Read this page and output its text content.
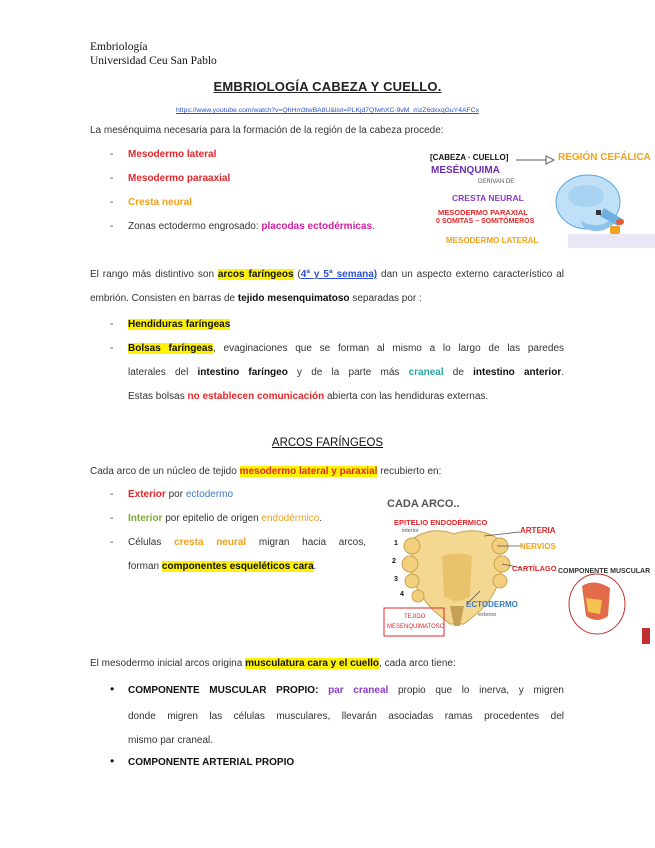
Embriología
Universidad Ceu San Pablo
EMBRIOLOGÍA CABEZA Y CUELLO.
https://www.youtube.com/watch?v=QhHm3twBA8U&list=PLKjd7QfwhXC-9vM_mzZ6dxxqGuY4AFCx
La mesénquima necesaria para la formación de la región de la cabeza procede:
- Mesodermo lateral
- Mesodermo paraaxial
- Cresta neural
- Zonas ectodermo engrosado: placodas ectodérmicas.
[CABEZA · CUELLO]	REGIÓN CEFÁLICA
MESÉNQUIMA
DERIVAN DE:
CRESTA NEURAL
MESODERMO PARAXIAL
0 SOMITAS – SOMITÓMEROS
MESODERMO LATERAL
El rango más distintivo son arcos faríngeos (4ª y 5ª semana) dan un aspecto externo característico al embrión. Consisten en barras de tejido mesenquimatoso separadas por :
- Hendiduras faríngeas
- Bolsas faríngeas, evaginaciones que se forman al mismo a lo largo de las paredes
laterales del intestino faríngeo y de la parte más craneal de intestino anterior.
Estas bolsas no establecen comunicación abierta con las hendiduras externas.
ARCOS FARÍNGEOS
Cada arco de un núcleo de tejido mesodermo lateral y paraxial recubierto en:
- Exterior por ectodermo
- Interior por epitelio de origen endodérmico.
- Células cresta neural migran hacia arcos,
forman componentes esqueléticos cara.
CADA ARCO..
EPITELIO ENDODÉRMICO
interior	ARTERIA
NERVIOS
CARTÍLAGO COMPONENTE MUSCULAR
ECTODERMO
exterior
TEJIDO
MESENQUIMATOSO
1
2
3
4
El mesodermo inicial arcos origina musculatura cara y el cuello, cada arco tiene:
• COMPONENTE MUSCULAR PROPIO: par craneal propio que lo inerva, y migren
donde migren las células musculares, llevarán asociadas ramas procedentes del
mismo par craneal.
• COMPONENTE ARTERIAL PROPIO
